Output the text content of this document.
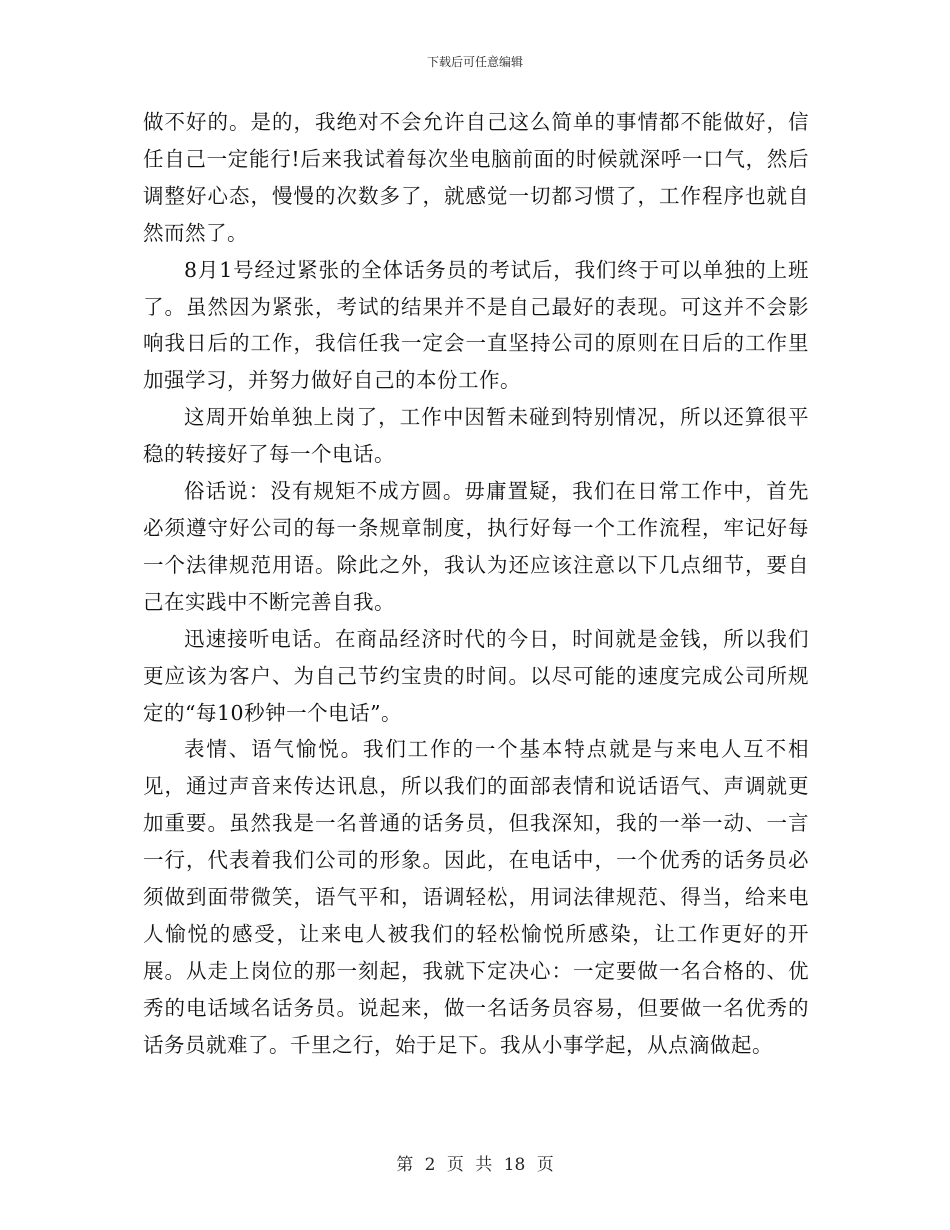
下载后可任意编辑

做不好的。是的，我绝对不会允许自己这么简单的事情都不能做好，信任自己一定能行!后来我试着每次坐电脑前面的时候就深呼一口气，然后调整好心态，慢慢的次数多了，就感觉一切都习惯了，工作程序也就自然而然了。

8月1号经过紧张的全体话务员的考试后，我们终于可以单独的上班了。虽然因为紧张，考试的结果并不是自己最好的表现。可这并不会影响我日后的工作，我信任我一定会一直坚持公司的原则在日后的工作里加强学习，并努力做好自己的本份工作。

这周开始单独上岗了，工作中因暂未碰到特别情况，所以还算很平稳的转接好了每一个电话。

俗话说：没有规矩不成方圆。毋庸置疑，我们在日常工作中，首先必须遵守好公司的每一条规章制度，执行好每一个工作流程，牢记好每一个法律规范用语。除此之外，我认为还应该注意以下几点细节，要自己在实践中不断完善自我。

迅速接听电话。在商品经济时代的今日，时间就是金钱，所以我们更应该为客户、为自己节约宝贵的时间。以尽可能的速度完成公司所规定的“每10秒钟一个电话”。

表情、语气愉悦。我们工作的一个基本特点就是与来电人互不相见，通过声音来传达讯息，所以我们的面部表情和说话语气、声调就更加重要。虽然我是一名普通的话务员，但我深知，我的一举一动、一言一行，代表着我们公司的形象。因此，在电话中，一个优秀的话务员必须做到面带微笑，语气平和，语调轻松，用词法律规范、得当，给来电人愉悦的感受，让来电人被我们的轻松愉悦所感染，让工作更好的开展。从走上岗位的那一刻起，我就下定决心：一定要做一名合格的、优秀的电话域名话务员。说起来，做一名话务员容易，但要做一名优秀的话务员就难了。千里之行，始于足下。我从小事学起，从点滴做起。

第 2 页 共 18 页
